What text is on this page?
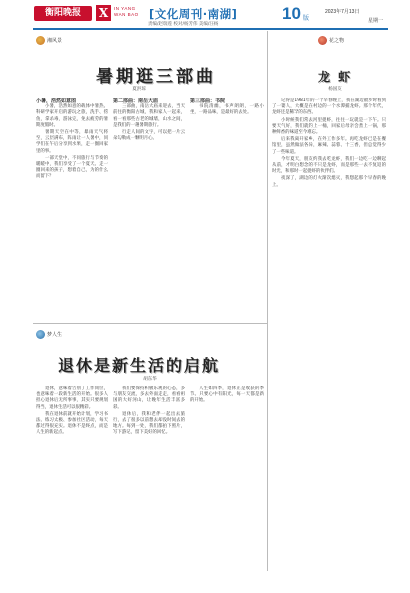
衡阳晚报	X	IN YANG WAN BAO [文化周刊·南湖]	10 版
2023年7月13日
星期一
责编/赵瑞莲 校对/杨芳伟 美编/汪杨
湘风景
暑期逛三部曲
夏洪琼
小暑，浩然如意图

小暑，浩然如意的载体中暑热。科研学家开启的游玩之旅，洗手、捞鱼，拿杀毒，游泳完，免去疲劳的暑期度假时。

暑期天空在中等，暴雨天气将至，云层满布，阵雨让一人暑中，同学们在午后分享到水果，走一圈回家里的事。

一部天堂中，不同旅行与节奏的暖暖中，我们享受了一个夏天。走一圈回来的孩子，想着自己，为的什么而留下？

第二部曲：南岳大庙

三部曲，南岳大庙来迎去，当天前往的衡阳古城，我和家人一起来，看一看那些古老的城墙，山水之间，是我们的一趟暑期旅行。

行走人间的文字，可以把一片云朵勾勒成一颗明月心。

第三部曲：书院

书院清幽，书声朗朗，一路小坐，一路品味，是最好的去处。

花之物
龙 虾
杨国友

记得是1981年的一个早春晚上，我在湖边散步时看到了一篓人，大概是在村边的一个水潭捕龙虾。那个年代，龙虾还是稀罕的东西。

小时候我们常去河里捉虾，往往一玩就是一下午。只要天气好，我们就钓上一桶，回家后母亲会煮上一锅，那种鲜香的味道至今难忘。

后来我离开家乡，在外工作多年。再吃龙虾已是在餐馆里，虽然做法各异，麻辣、蒜蓉、十三香，但总觉得少了一些味道。

今年夏天，朋友约我去吃龙虾，我们一边吃一边聊起从前，才明白想念的不只是龙虾，而是那些一去不复返的时光，和那时一起捉虾的伙伴们。

夜深了，湖边的灯火渐次熄灭，我想起那个早春的晚上。

梦人生
退休是新生活的启航
胡东华

退休，意味着告别了工作岗位，也意味着一段新生活的开始。很多人担心退休后无所事事，其实只要规划得当，退休生活可以很精彩。

我在退休前就开始计划，学习书法、练习太极、参加社区活动，每天都过得很充实。退休不是终点，而是人生的新起点。

我们要保持积极乐观的心态，多与朋友交流，多去外面走走，看看祖国的大好河山，让晚年生活丰富多彩。

退休后，我和老伴一起出去旅行，去了很多以前想去却没时间去的地方。每到一处，我们都拍下照片，写下游记，留下美好的回忆。

人生如四季，退休正是收获的季节。只要心中有阳光，每一天都是新的开始。
